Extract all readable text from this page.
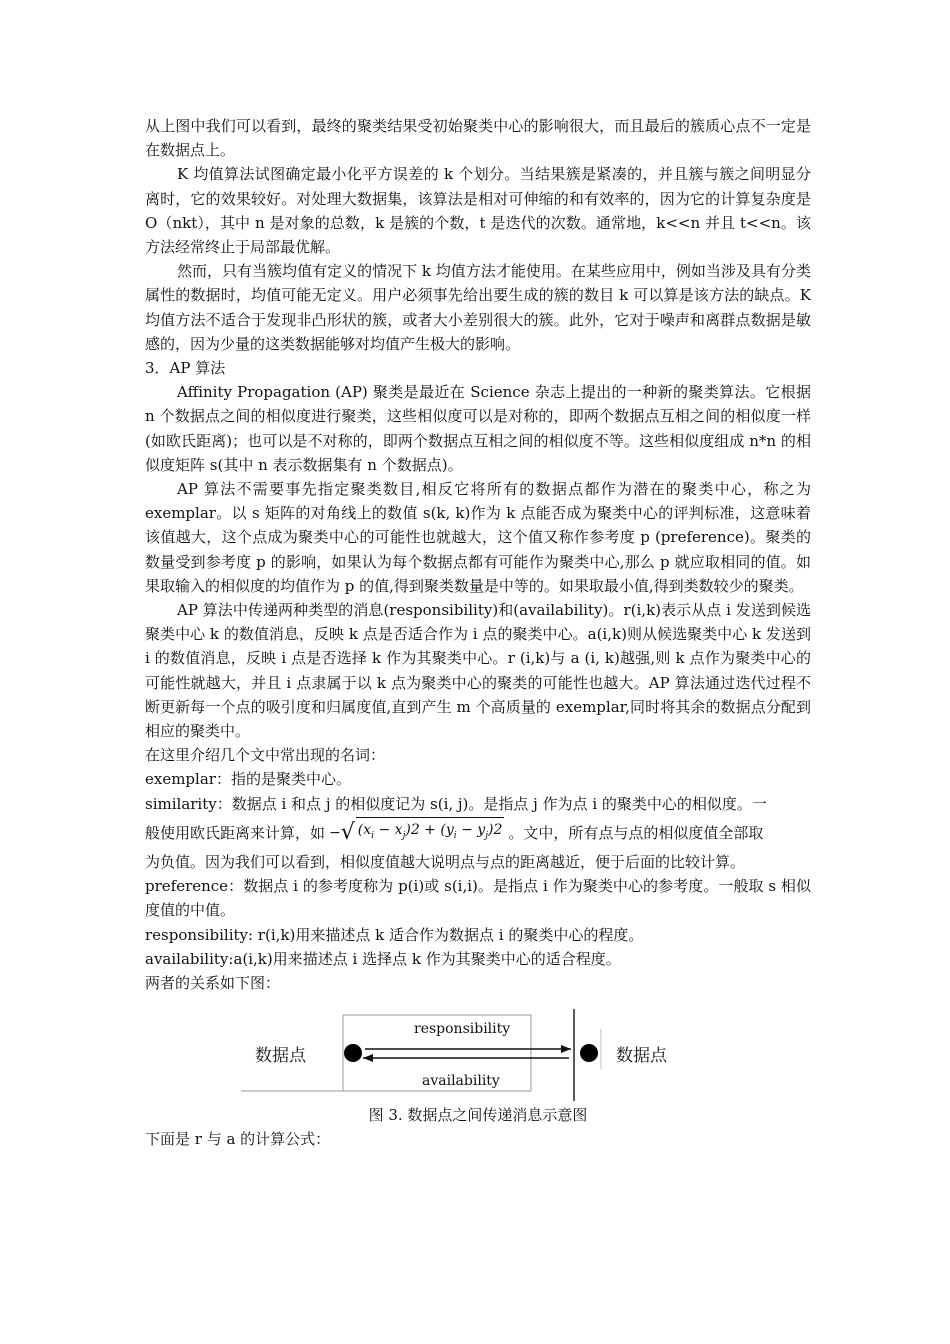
从上图中我们可以看到，最终的聚类结果受初始聚类中心的影响很大，而且最后的簇质心点不一定是在数据点上。

K 均值算法试图确定最小化平方误差的 k 个划分。当结果簇是紧凑的，并且簇与簇之间明显分离时，它的效果较好。对处理大数据集，该算法是相对可伸缩的和有效率的，因为它的计算复杂度是 O（nkt），其中 n 是对象的总数，k 是簇的个数，t 是迭代的次数。通常地，k<<n 并且 t<<n。该方法经常终止于局部最优解。

然而，只有当簇均值有定义的情况下 k 均值方法才能使用。在某些应用中，例如当涉及具有分类属性的数据时，均值可能无定义。用户必须事先给出要生成的簇的数目 k 可以算是该方法的缺点。K 均值方法不适合于发现非凸形状的簇，或者大小差别很大的簇。此外，它对于噪声和离群点数据是敏感的，因为少量的这类数据能够对均值产生极大的影响。

3．AP 算法

Affinity Propagation (AP) 聚类是最近在 Science 杂志上提出的一种新的聚类算法。它根据 n 个数据点之间的相似度进行聚类，这些相似度可以是对称的，即两个数据点互相之间的相似度一样(如欧氏距离)；也可以是不对称的，即两个数据点互相之间的相似度不等。这些相似度组成 n*n 的相似度矩阵 s(其中 n 表示数据集有 n 个数据点)。

AP 算法不需要事先指定聚类数目,相反它将所有的数据点都作为潜在的聚类中心，称之为 exemplar。以 s 矩阵的对角线上的数值 s(k, k)作为 k 点能否成为聚类中心的评判标准，这意味着该值越大，这个点成为聚类中心的可能性也就越大，这个值又称作参考度 p (preference)。聚类的数量受到参考度 p 的影响，如果认为每个数据点都有可能作为聚类中心,那么 p 就应取相同的值。如果取输入的相似度的均值作为 p 的值,得到聚类数量是中等的。如果取最小值,得到类数较少的聚类。

AP 算法中传递两种类型的消息(responsibility)和(availability)。r(i,k)表示从点 i 发送到候选聚类中心 k 的数值消息，反映 k 点是否适合作为 i 点的聚类中心。a(i,k)则从候选聚类中心 k 发送到 i 的数值消息，反映 i 点是否选择 k 作为其聚类中心。r (i,k)与 a (i, k)越强,则 k 点作为聚类中心的可能性就越大，并且 i 点隶属于以 k 点为聚类中心的聚类的可能性也越大。AP 算法通过迭代过程不断更新每一个点的吸引度和归属度值,直到产生 m 个高质量的 exemplar,同时将其余的数据点分配到相应的聚类中。

在这里介绍几个文中常出现的名词：

exemplar：指的是聚类中心。

similarity：数据点 i 和点 j 的相似度记为 s(i, j)。是指点 j 作为点 i 的聚类中心的相似度。一

般使用欧氏距离来计算，如 − √ $(x_i - x_j)2 + (y_i - y_j)2$ 。文中，所有点与点的相似度值全部取

为负值。因为我们可以看到，相似度值越大说明点与点的距离越近，便于后面的比较计算。

preference：数据点 i 的参考度称为 p(i)或 s(i,i)。是指点 i 作为聚类中心的参考度。一般取 s 相似度值的中值。

responsibility: r(i,k)用来描述点 k 适合作为数据点 i 的聚类中心的程度。

availability:a(i,k)用来描述点 i 选择点 k 作为其聚类中心的适合程度。

两者的关系如下图：

数据点	数据点
responsibility
availability
图 3. 数据点之间传递消息示意图

下面是 r 与 a 的计算公式：
